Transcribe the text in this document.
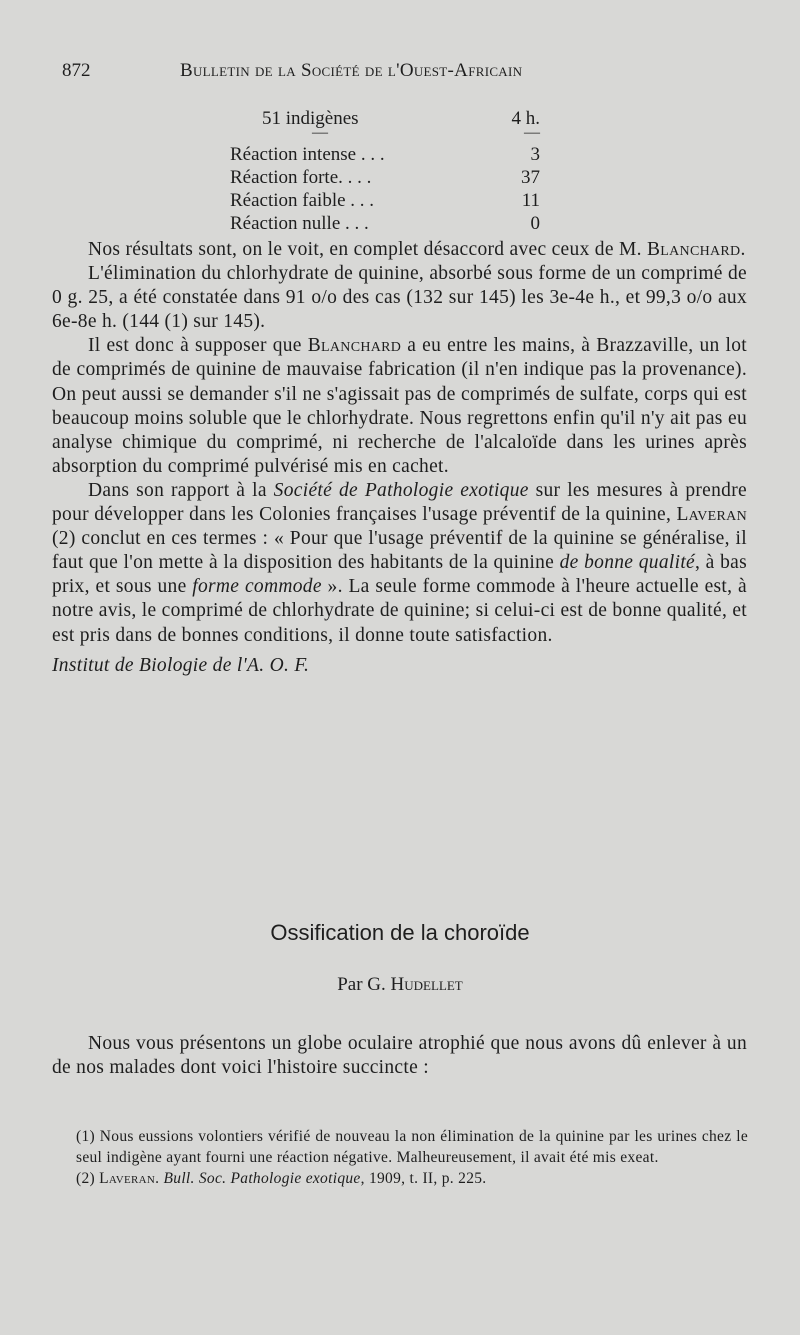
872	Bulletin de la Société de l'Ouest-Africain
51 indigènes	4 h.
—	—
Réaction intense . . .	3
Réaction forte. . . .	37
Réaction faible . . .	11
Réaction nulle . . .	0

Nos résultats sont, on le voit, en complet désaccord avec ceux de M. Blanchard.

L'élimination du chlorhydrate de quinine, absorbé sous forme de un comprimé de 0 g. 25, a été constatée dans 91 o/o des cas (132 sur 145) les 3e-4e h., et 99,3 o/o aux 6e-8e h. (144 (1) sur 145).

Il est donc à supposer que Blanchard a eu entre les mains, à Brazzaville, un lot de comprimés de quinine de mauvaise fabrication (il n'en indique pas la provenance). On peut aussi se demander s'il ne s'agissait pas de comprimés de sulfate, corps qui est beaucoup moins soluble que le chlorhydrate. Nous regrettons enfin qu'il n'y ait pas eu analyse chimique du comprimé, ni recherche de l'alcaloïde dans les urines après absorption du comprimé pulvérisé mis en cachet.

Dans son rapport à la Société de Pathologie exotique sur les mesures à prendre pour développer dans les Colonies françaises l'usage préventif de la quinine, Laveran (2) conclut en ces termes : « Pour que l'usage préventif de la quinine se généralise, il faut que l'on mette à la disposition des habitants de la quinine de bonne qualité, à bas prix, et sous une forme commode ». La seule forme commode à l'heure actuelle est, à notre avis, le comprimé de chlorhydrate de quinine; si celui-ci est de bonne qualité, et est pris dans de bonnes conditions, il donne toute satisfaction.

Institut de Biologie de l'A. O. F.

Ossification de la choroïde
Par G. Hudellet

Nous vous présentons un globe oculaire atrophié que nous avons dû enlever à un de nos malades dont voici l'histoire succincte :

(1) Nous eussions volontiers vérifié de nouveau la non élimination de la quinine par les urines chez le seul indigène ayant fourni une réaction négative. Malheureusement, il avait été mis exeat.

(2) Laveran. Bull. Soc. Pathologie exotique, 1909, t. II, p. 225.
